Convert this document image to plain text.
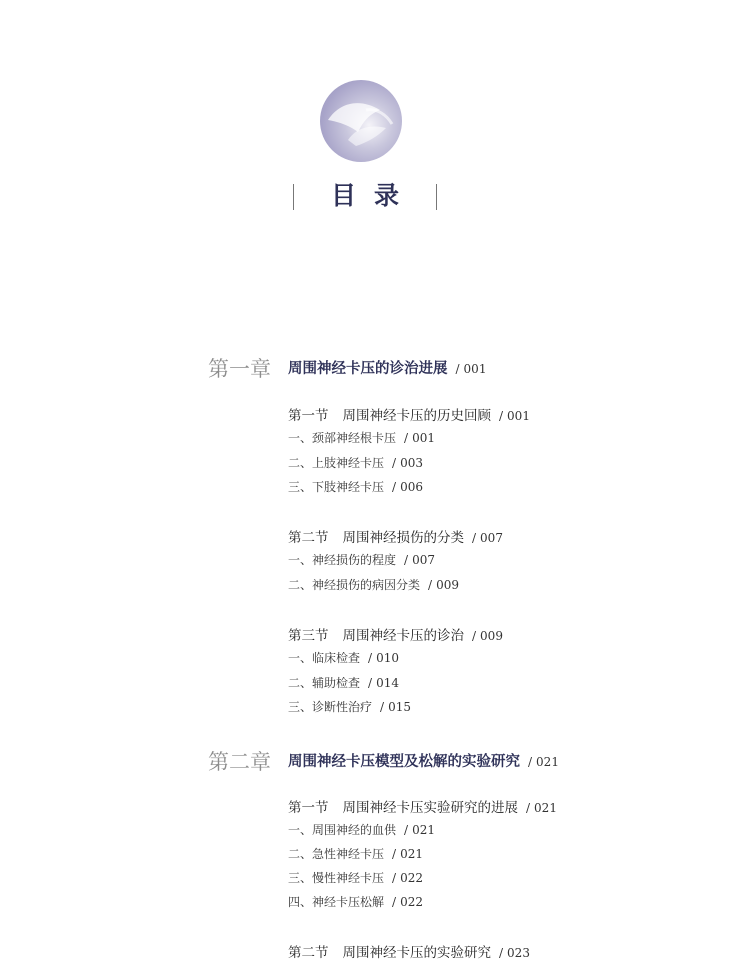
目录
第一章	周围神经卡压的诊治进展 / 001
第一节 周围神经卡压的历史回顾 / 001
一、颈部神经根卡压 / 001
二、上肢神经卡压 / 003
三、下肢神经卡压 / 006
第二节 周围神经损伤的分类 / 007
一、神经损伤的程度 / 007
二、神经损伤的病因分类 / 009
第三节 周围神经卡压的诊治 / 009
一、临床检查 / 010
二、辅助检查 / 014
三、诊断性治疗 / 015
第二章	周围神经卡压模型及松解的实验研究 / 021
第一节 周围神经卡压实验研究的进展 / 021
一、周围神经的血供 / 021
二、急性神经卡压 / 021
三、慢性神经卡压 / 022
四、神经卡压松解 / 022
第二节 周围神经卡压的实验研究 / 023
